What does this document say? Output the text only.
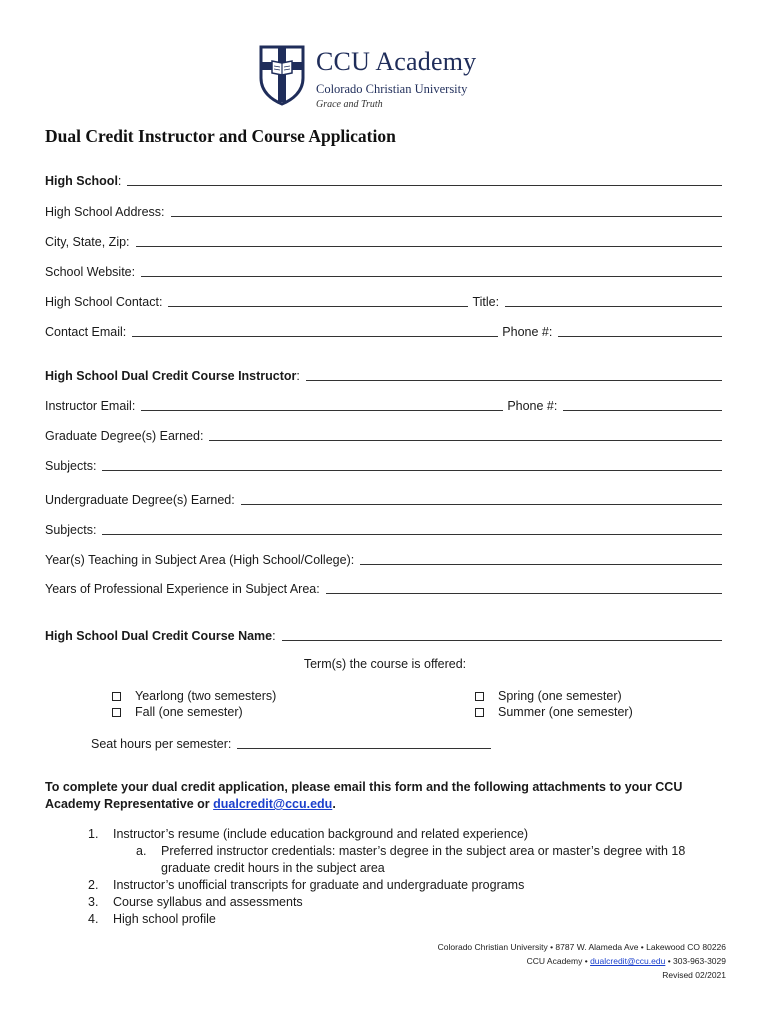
CCU Academy
Colorado Christian University
Grace and Truth
Dual Credit Instructor and Course Application
High School:
High School Address:
City, State, Zip:
School Website:
High School Contact:	Title:
Contact Email:	Phone #:
High School Dual Credit Course Instructor:
Instructor Email:	Phone #:
Graduate Degree(s) Earned:
Subjects:
Undergraduate Degree(s) Earned:
Subjects:
Year(s) Teaching in Subject Area (High School/College):
Years of Professional Experience in Subject Area:
High School Dual Credit Course Name:
Term(s) the course is offered:
Yearlong (two semesters)
Fall (one semester)
Spring (one semester)
Summer (one semester)
Seat hours per semester:
To complete your dual credit application, please email this form and the following attachments to your CCU Academy Representative or dualcredit@ccu.edu.
1.	Instructor’s resume (include education background and related experience)
a.	Preferred instructor credentials: master’s degree in the subject area or master’s degree with 18
graduate credit hours in the subject area
2.	Instructor’s unofficial transcripts for graduate and undergraduate programs
3.	Course syllabus and assessments
4.	High school profile
Colorado Christian University • 8787 W. Alameda Ave • Lakewood CO 80226
CCU Academy • dualcredit@ccu.edu • 303-963-3029
Revised 02/2021
